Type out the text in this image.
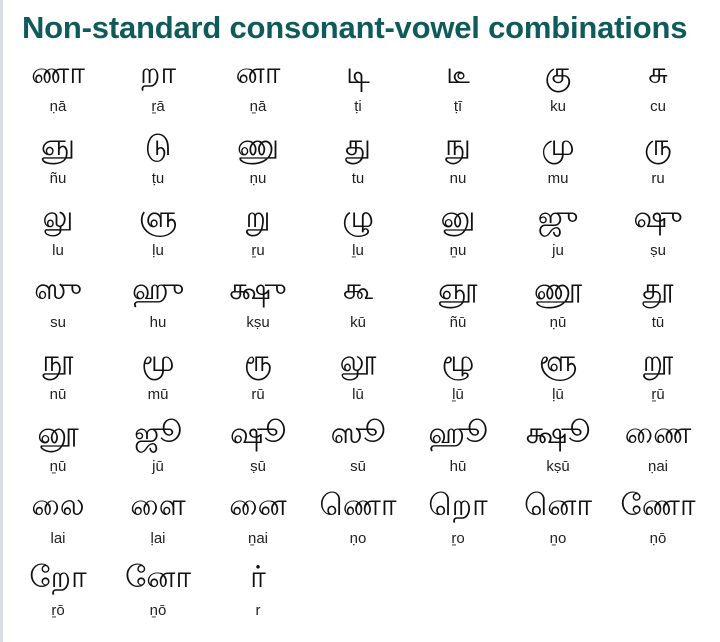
Non-standard consonant-vowel combinations
ணா
ṇā
றா
ṟā
னா
ṉā
டி
ṭi
டீ
ṭī
கு
ku
சு
cu
ஞு
ñu
டு
ṭu
ணு
ṇu
து
tu
நு
nu
மு
mu
ரு
ru
லு
lu
ளு
ḷu
று
ṟu
ழு
ḻu
னு
ṉu
ஜு
ju
ஷு
ṣu
ஸு
su
ஹு
hu
க்ஷு
kṣu
கூ
kū
ஞூ
ñū
ணூ
ṇū
தூ
tū
நூ
nū
மூ
mū
ரூ
rū
லூ
lū
ழூ
ḻū
ளூ
ḷū
றூ
ṟū
னூ
ṉū
ஜூ
jū
ஷூ
ṣū
ஸூ
sū
ஹூ
hū
க்ஷூ
kṣū
ணை
ṇai
லை
lai
ளை
ḷai
னை
ṉai
ணொ
ṇo
றொ
ṟo
னொ
ṉo
ணோ
ṇō
றோ
ṟō
னோ
ṉō
ர்
r
